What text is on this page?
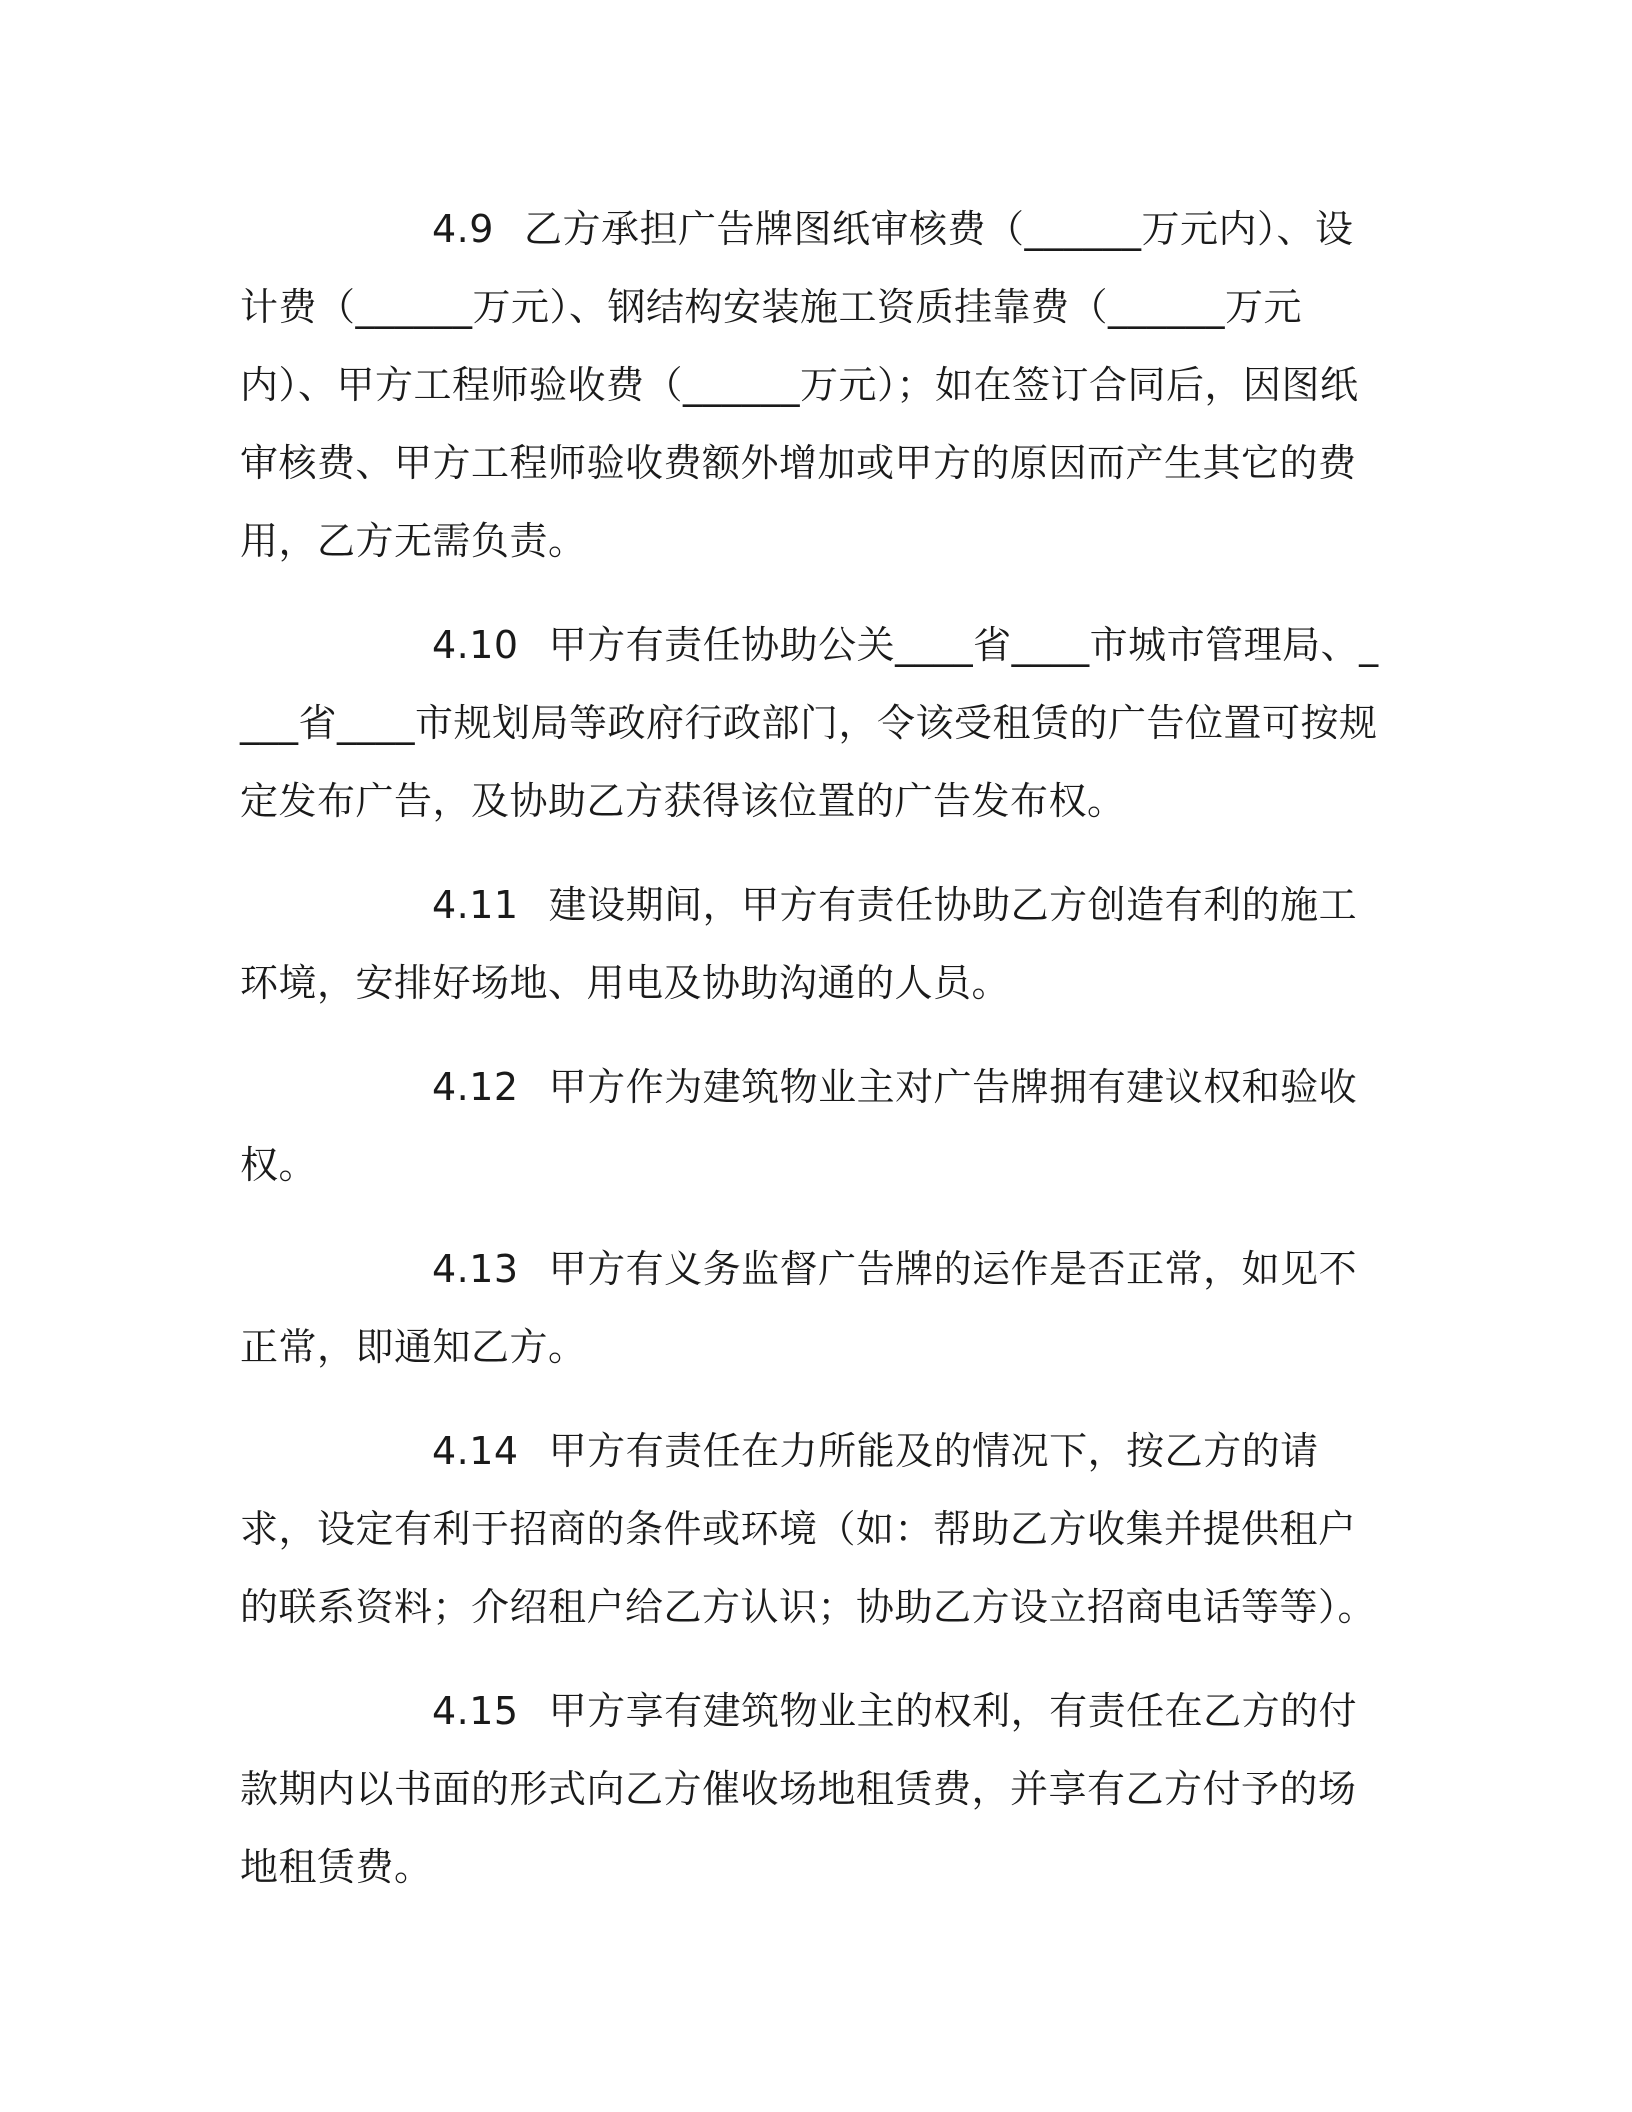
4.9 乙方承担广告牌图纸审核费（______万元内）、设计费（______万元）、钢结构安装施工资质挂靠费（______万元内）、甲方工程师验收费（______万元）；如在签订合同后，因图纸审核费、甲方工程师验收费额外增加或甲方的原因而产生其它的费用，乙方无需负责。

4.10 甲方有责任协助公关____省____市城市管理局、____省____市规划局等政府行政部门，令该受租赁的广告位置可按规定发布广告，及协助乙方获得该位置的广告发布权。

4.11 建设期间，甲方有责任协助乙方创造有利的施工环境，安排好场地、用电及协助沟通的人员。

4.12 甲方作为建筑物业主对广告牌拥有建议权和验收权。

4.13 甲方有义务监督广告牌的运作是否正常，如见不正常，即通知乙方。

4.14 甲方有责任在力所能及的情况下，按乙方的请求，设定有利于招商的条件或环境（如：帮助乙方收集并提供租户的联系资料；介绍租户给乙方认识；协助乙方设立招商电话等等）。

4.15 甲方享有建筑物业主的权利，有责任在乙方的付款期内以书面的形式向乙方催收场地租赁费，并享有乙方付予的场地租赁费。
